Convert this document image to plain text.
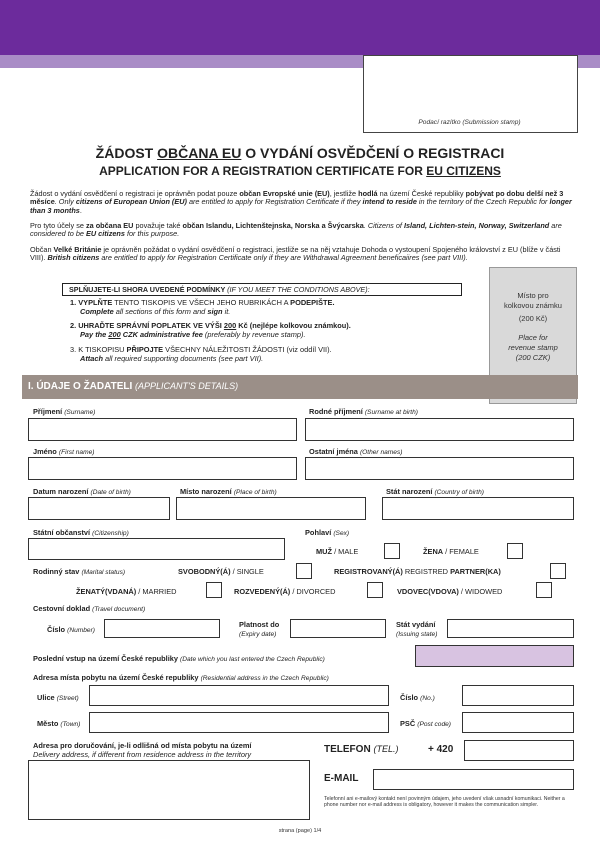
Podací razítko (Submission stamp)
ŽÁDOST OBČANA EU O VYDÁNÍ OSVĚDČENÍ O REGISTRACI
APPLICATION FOR A REGISTRATION CERTIFICATE FOR EU CITIZENS
Žádost o vydání osvědčení o registraci je oprávněn podat pouze občan Evropské unie (EU), jestliže hodlá na území České republiky pobývat po dobu delší než 3 měsíce. Only citizens of European Union (EU) are entitled to apply for Registration Certificate if they intend to reside in the territory of the Czech Republic for longer than 3 months.
Pro tyto účely se za občana EU považuje také občan Islandu, Lichtenštejnska, Norska a Švýcarska. Citizens of Island, Lichten-stein, Norway, Switzerland are considered to be EU citizens for this purpose.
Občan Velké Británie je oprávněn požádat o vydání osvědčení o registraci, jestliže se na něj vztahuje Dohoda o vystoupení Spojeného království z EU (blíže v části VIII). British citizens are entitled to apply for Registration Certificate only if they are Withdrawal Agreement beneficaiires (see part VIII).
SPLŇUJETE-LI SHORA UVEDENÉ PODMÍNKY (IF YOU MEET THE CONDITIONS ABOVE):
1. VYPLŇTE TENTO TISKOPIS VE VŠECH JEHO RUBRIKÁCH A PODEPIŠTE.
Complete all sections of this form and sign it.
2. UHRAĎTE SPRÁVNÍ POPLATEK VE VÝŠI 200 Kč (nejlépe kolkovou známkou).
Pay the 200 CZK administrative fee (preferably by revenue stamp).
3. K TISKOPISU PŘIPOJTE VŠECHNY NÁLEŽITOSTI ŽÁDOSTI (viz oddíl VII).
Attach all required supporting documents (see part VII).
Místo pro
kolkovou známku
(200 Kč)
Place for
revenue stamp
(200 CZK)
I. ÚDAJE O ŽADATELI (APPLICANT'S DETAILS)
Příjmení (Surname)	Rodné příjmení (Surname at birth)
Jméno (First name)	Ostatní jména (Other names)
Datum narození (Date of birth)	Místo narození (Place of birth)	Stát narození (Country of birth)
Státní občanství (Citizenship)	Pohlaví (Sex)
MUŽ / MALE	ŽENA / FEMALE
Rodinný stav (Marital status)	SVOBODNÝ(Á) / SINGLE	REGISTROVANÝ(Á) REGISTRED PARTNER(KA)
ŽENATÝ(VDANÁ) / MARRIED	ROZVEDENÝ(Á) / DIVORCED	VDOVEC(VDOVA) / WIDOWED
Cestovní doklad (Travel document)
Číslo (Number)
Platnost do
(Expiry date)
Stát vydání
(Issuing state)
Poslední vstup na území České republiky (Date which you last entered the Czech Republic)
Adresa místa pobytu na území České republiky (Residential address in the Czech Republic)
Ulice (Street)	Číslo (No.)
Město (Town)	PSČ (Post code)
Adresa pro doručování, je-li odlišná od místa pobytu na území
Delivery address, if different from residence address in the territory	TELEFON (TEL.)	+ 420
E-MAIL
Telefonní ani e-mailový kontakt není povinným údajem, jeho uvedení však usnadní komunikaci. Neither a phone number nor e-mail address is obligatory, however it makes the communication simpler.
strana (page) 1/4
